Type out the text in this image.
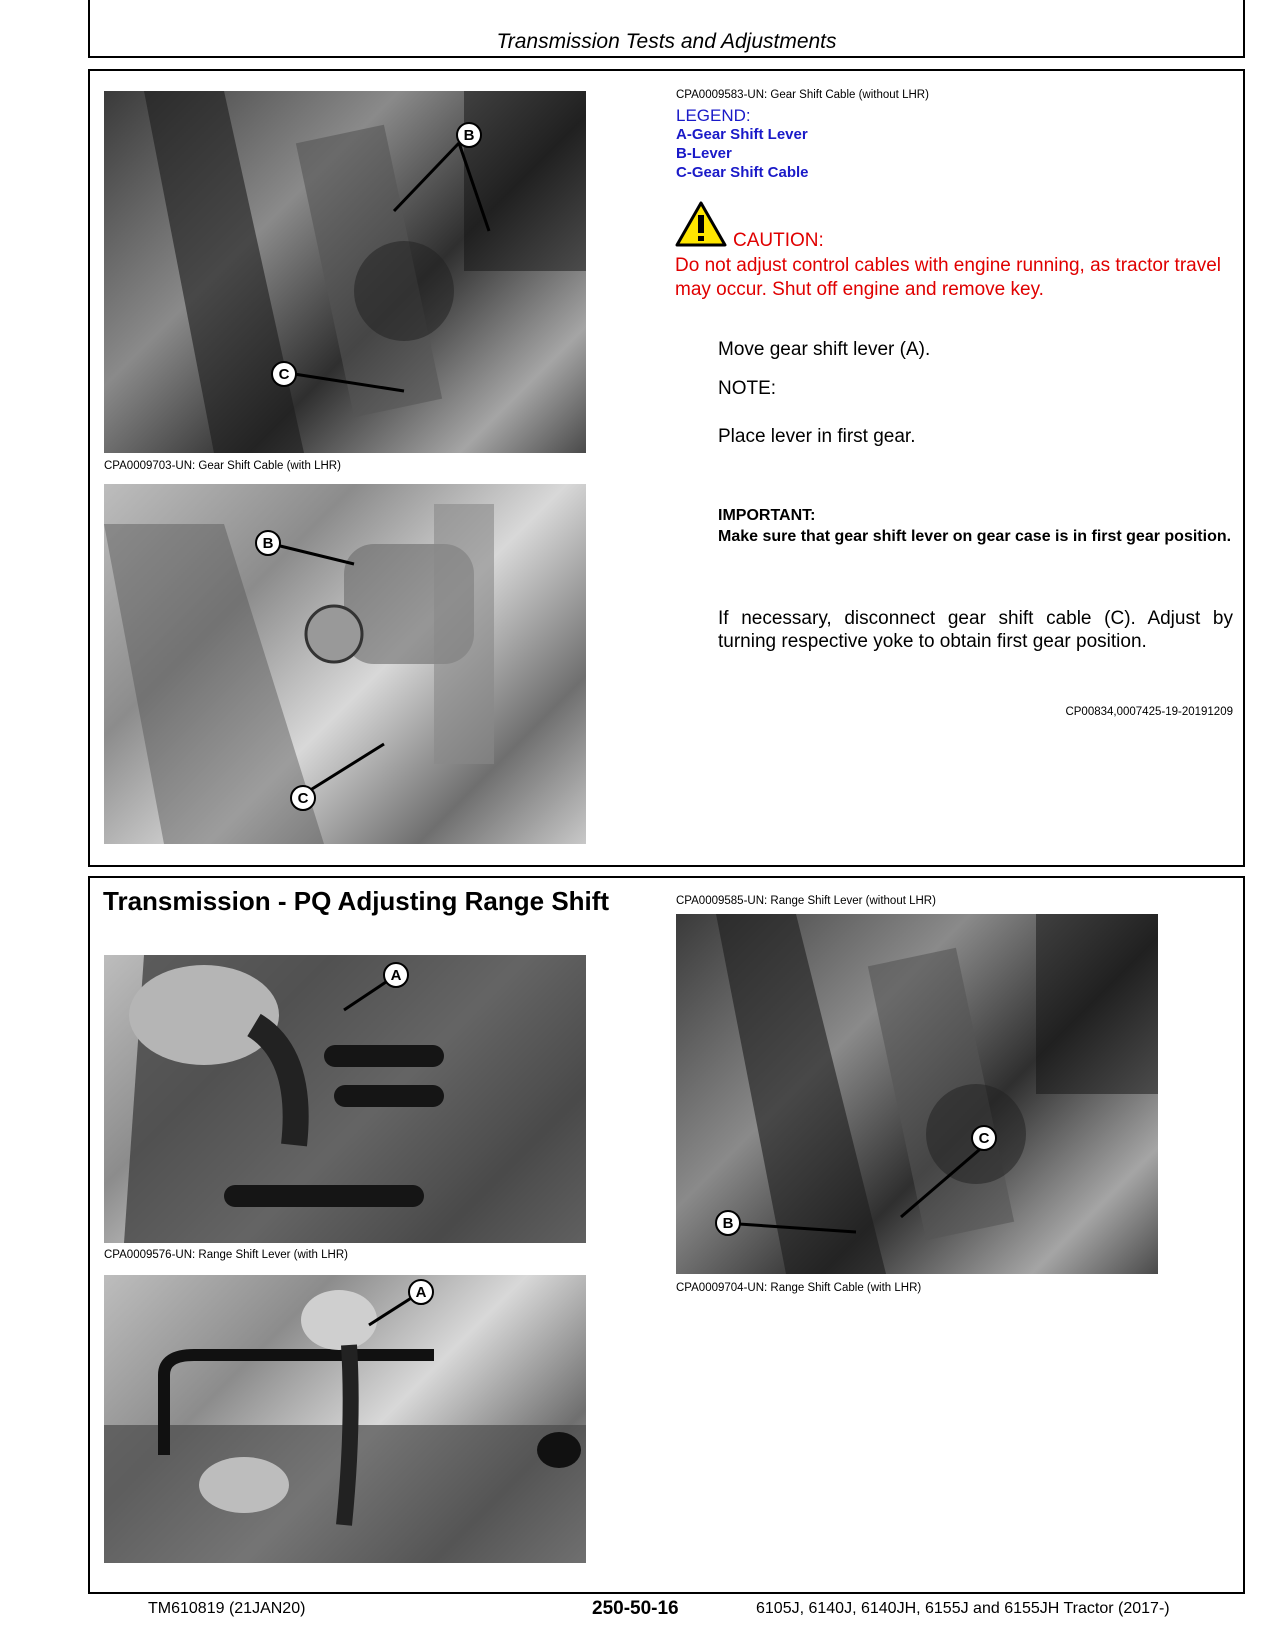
Transmission Tests and Adjustments
B
C
CPA0009703-UN: Gear Shift Cable (with LHR)
B
C
CPA0009583-UN: Gear Shift Cable (without LHR)
LEGEND:
A-Gear Shift Lever
B-Lever
C-Gear Shift Cable
CAUTION:
Do not adjust control cables with engine running, as tractor travel may occur. Shut off engine and remove key.
Move gear shift lever (A).
NOTE:
Place lever in first gear.
IMPORTANT:
Make sure that gear shift lever on gear case is in first gear position.
If necessary, disconnect gear shift cable (C). Adjust by turning respective yoke to obtain first gear position.
CP00834,0007425-19-20191209
Transmission - PQ Adjusting Range Shift	CPA0009585-UN: Range Shift Lever (without LHR)
A
CPA0009576-UN: Range Shift Lever (with LHR)
A
C
B
CPA0009704-UN: Range Shift Cable (with LHR)
TM610819 (21JAN20)	250-50-16	6105J, 6140J, 6140JH, 6155J and 6155JH Tractor (2017-)
